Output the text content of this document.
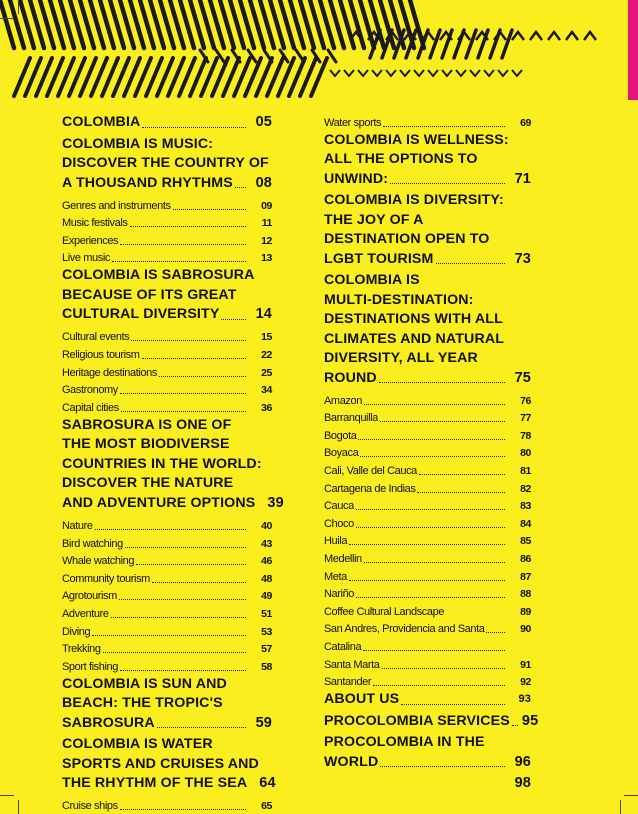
COLOMBIA	05
COLOMBIA IS MUSIC:
DISCOVER THE COUNTRY OF
A THOUSAND RHYTHMS	08
Genres and instruments	09
Music festivals	11
Experiences	12
Live music	13
COLOMBIA IS SABROSURA
BECAUSE OF ITS GREAT
CULTURAL DIVERSITY	14
Cultural events	15
Religious tourism	22
Heritage destinations	25
Gastronomy	34
Capital cities	36
SABROSURA IS ONE OF
THE MOST BIODIVERSE
COUNTRIES IN THE WORLD:
DISCOVER THE NATURE
AND ADVENTURE OPTIONS 39
Nature	40
Bird watching	43
Whale watching	46
Community tourism	48
Agrotourism	49
Adventure	51
Diving	53
Trekking	57
Sport fishing	58
COLOMBIA IS SUN AND
BEACH: THE TROPIC'S
SABROSURA	59
COLOMBIA IS WATER
SPORTS AND CRUISES AND
THE RHYTHM OF THE SEA 64
Cruise ships	65
Water sports	69
COLOMBIA IS WELLNESS:
ALL THE OPTIONS TO
UNWIND:	71
COLOMBIA IS DIVERSITY:
THE JOY OF A
DESTINATION OPEN TO
LGBT TOURISM	73
COLOMBIA IS
MULTI-DESTINATION:
DESTINATIONS WITH ALL
CLIMATES AND NATURAL
DIVERSITY, ALL YEAR
ROUND	75
Amazon	76
Barranquilla	77
Bogota	78
Boyaca	80
Cali, Valle del Cauca	81
Cartagena de Indias	82
Cauca	83
Choco	84
Huila	85
Medellin	86
Meta	87
Nariño	88
Coffee Cultural Landscape	89
San Andres, Providencia and Santa	90
Catalina
Santa Marta	91
Santander	92
ABOUT US	93
PROCOLOMBIA SERVICES 95
PROCOLOMBIA IN THE
WORLD	96
98
